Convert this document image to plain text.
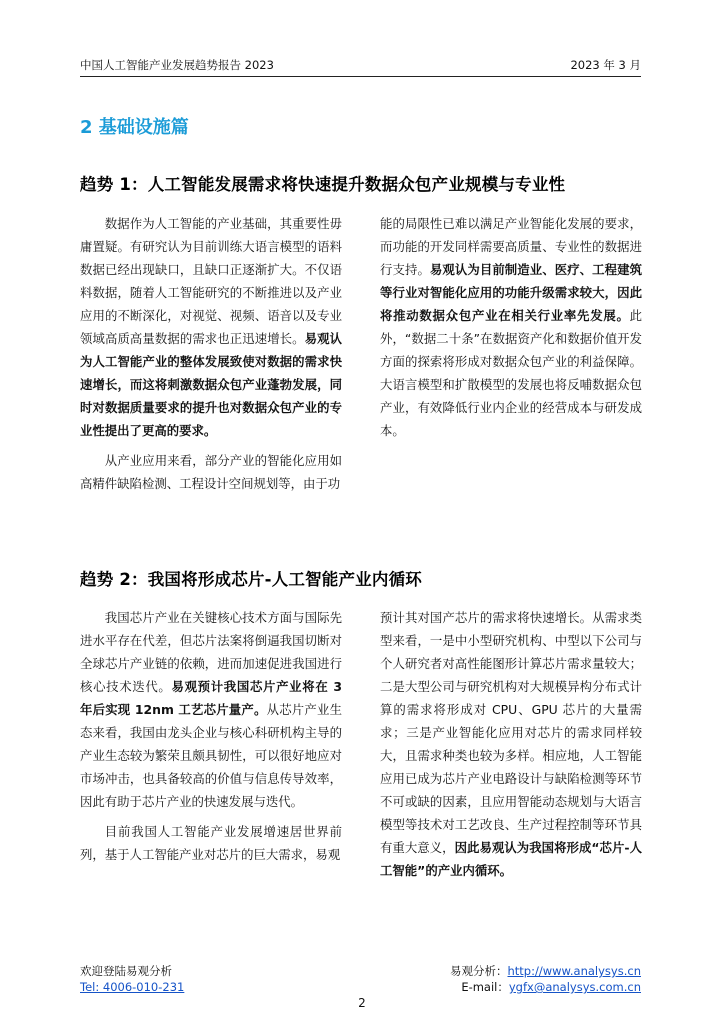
中国人工智能产业发展趋势报告 2023	2023 年 3 月
2 基础设施篇
趋势 1：人工智能发展需求将快速提升数据众包产业规模与专业性

数据作为人工智能的产业基础，其重要性毋庸置疑。有研究认为目前训练大语言模型的语料数据已经出现缺口，且缺口正逐渐扩大。不仅语料数据，随着人工智能研究的不断推进以及产业应用的不断深化，对视觉、视频、语音以及专业领域高质高量数据的需求也正迅速增长。易观认为人工智能产业的整体发展致使对数据的需求快速增长，而这将刺激数据众包产业蓬勃发展，同时对数据质量要求的提升也对数据众包产业的专业性提出了更高的要求。

从产业应用来看，部分产业的智能化应用如高精件缺陷检测、工程设计空间规划等，由于功

能的局限性已难以满足产业智能化发展的要求，而功能的开发同样需要高质量、专业性的数据进行支持。易观认为目前制造业、医疗、工程建筑等行业对智能化应用的功能升级需求较大，因此将推动数据众包产业在相关行业率先发展。此外，“数据二十条”在数据资产化和数据价值开发方面的探索将形成对数据众包产业的利益保障。大语言模型和扩散模型的发展也将反哺数据众包产业，有效降低行业内企业的经营成本与研发成本。

趋势 2：我国将形成芯片-人工智能产业内循环

我国芯片产业在关键核心技术方面与国际先进水平存在代差，但芯片法案将倒逼我国切断对全球芯片产业链的依赖，进而加速促进我国进行核心技术迭代。易观预计我国芯片产业将在 3 年后实现 12nm 工艺芯片量产。从芯片产业生态来看，我国由龙头企业与核心科研机构主导的产业生态较为繁荣且颇具韧性，可以很好地应对市场冲击，也具备较高的价值与信息传导效率，因此有助于芯片产业的快速发展与迭代。

目前我国人工智能产业发展增速居世界前列，基于人工智能产业对芯片的巨大需求，易观

预计其对国产芯片的需求将快速增长。从需求类型来看，一是中小型研究机构、中型以下公司与个人研究者对高性能图形计算芯片需求量较大；二是大型公司与研究机构对大规模异构分布式计算的需求将形成对 CPU、GPU 芯片的大量需求；三是产业智能化应用对芯片的需求同样较大，且需求种类也较为多样。相应地，人工智能应用已成为芯片产业电路设计与缺陷检测等环节不可或缺的因素，且应用智能动态规划与大语言模型等技术对工艺改良、生产过程控制等环节具有重大意义，因此易观认为我国将形成“芯片-人工智能”的产业内循环。

欢迎登陆易观分析
Tel: 4006-010-231
易观分析：http://www.analysys.cn
E-mail：ygfx@analysys.com.cn
2
